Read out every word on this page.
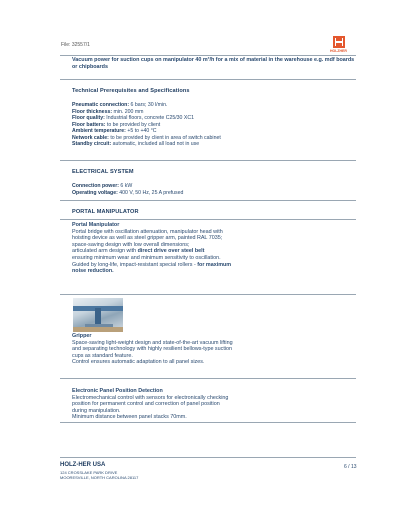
File: 32557/1
HOLZHER
Vacuum power for suction cups on manipulator 40 m³/h for a mix of material in the warehouse e.g. mdf boards or chipboards
Technical Prerequisites and Specifications
Pneumatic connection: 6 bars; 30 l/min.
Floor thickness: min. 200 mm
Floor quality: Industrial floors, concrete C25/30 XC1
Floor batters: to be provided by client
Ambient temperature: +5 to +40 °C
Network cable: to be provided by client in area of switch cabinet
Standby circuit: automatic, included all load not in use
ELECTRICAL SYSTEM
Connection power: 6 kW
Operating voltage: 400 V, 50 Hz, 25 A prefused
PORTAL MANIPULATOR
Portal Manipulator
Portal bridge with oscillation attenuation, manipulator head with
hoisting device as well as steel gripper arm, painted RAL 7035;
space-saving design with low overall dimensions;
articulated arm design with direct drive over steel belt
ensuring minimum wear and minimum sensitivity to oscillation.
Guided by long-life, impact-resistant special rollers - for maximum
noise reduction.
Gripper
Space-saving light-weight design and state-of-the-art vacuum lifting
and separating technology with highly resilient bellows-type suction
cups as standard feature.
Control ensures automatic adaptation to all panel sizes.
Electronic Panel Position Detection
Electromechanical control with sensors for electronically checking
position for permanent control and correction of panel position
during manipulation.
Minimum distance between panel stacks 70mm.
HOLZ-HER USA
124 CROSSLAKE PARK DRIVE
MOORESVILLE, NORTH CAROLINA 28117
6 / 13
